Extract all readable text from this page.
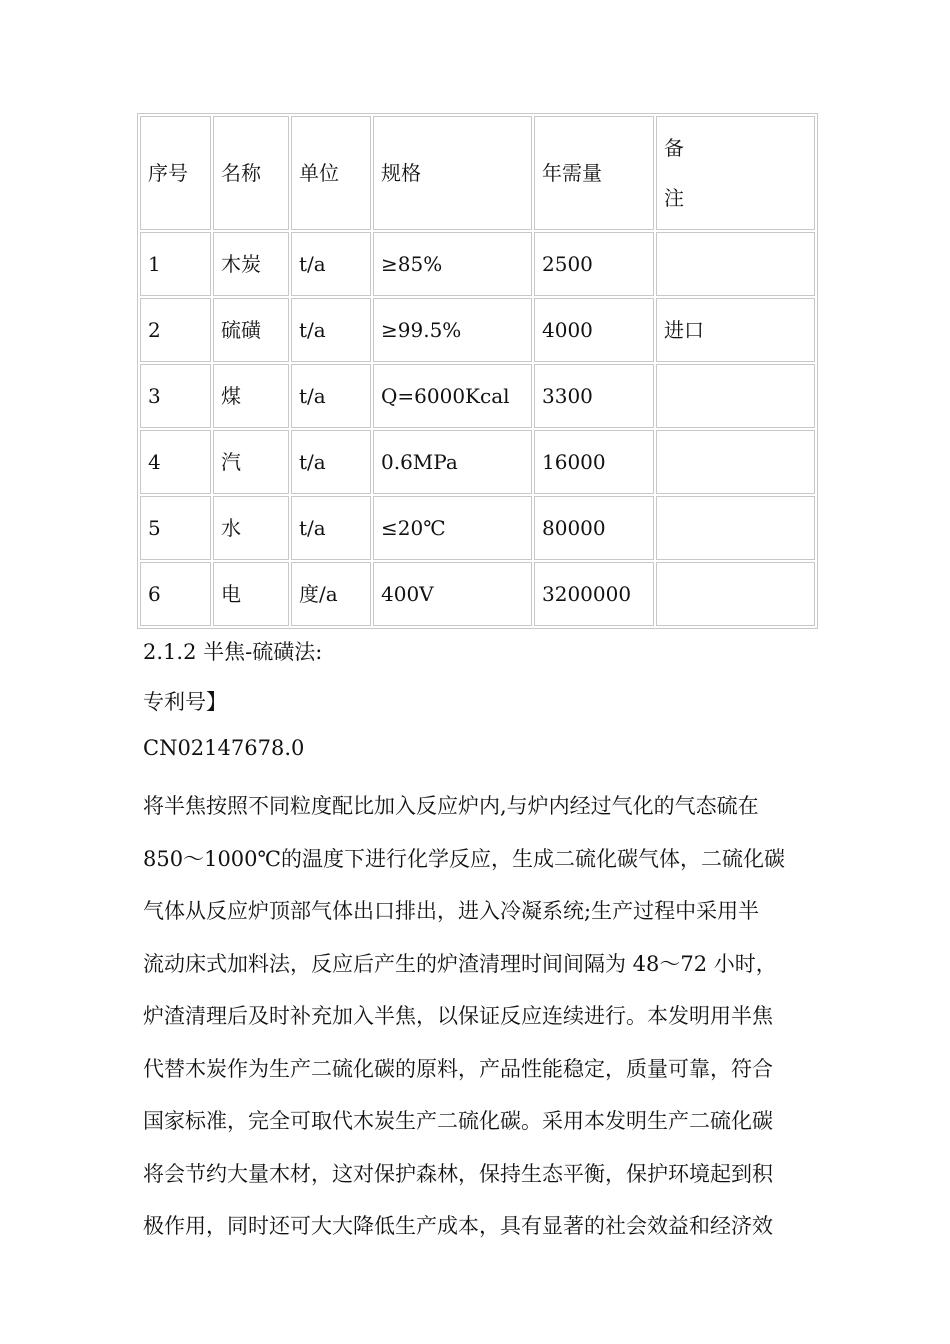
序号	名称	单位	规格	年需量	备
注

1	木炭	t/a	≥85%	2500	
2	硫磺	t/a	≥99.5%	4000	进口
3	煤	t/a	Q=6000Kcal	3300	
4	汽	t/a	0.6MPa	16000	
5	水	t/a	≤20℃	80000	
6	电	度/a	400V	3200000	
2.1.2 半焦-硫磺法:
专利号】
CN02147678.0

将半焦按照不同粒度配比加入反应炉内,与炉内经过气化的气态硫在

850～1000℃的温度下进行化学反应，生成二硫化碳气体，二硫化碳

气体从反应炉顶部气体出口排出，进入冷凝系统;生产过程中采用半

流动床式加料法，反应后产生的炉渣清理时间间隔为 48～72 小时，

炉渣清理后及时补充加入半焦，以保证反应连续进行。本发明用半焦

代替木炭作为生产二硫化碳的原料，产品性能稳定，质量可靠，符合

国家标准，完全可取代木炭生产二硫化碳。采用本发明生产二硫化碳

将会节约大量木材，这对保护森林，保持生态平衡，保护环境起到积

极作用，同时还可大大降低生产成本，具有显著的社会效益和经济效
